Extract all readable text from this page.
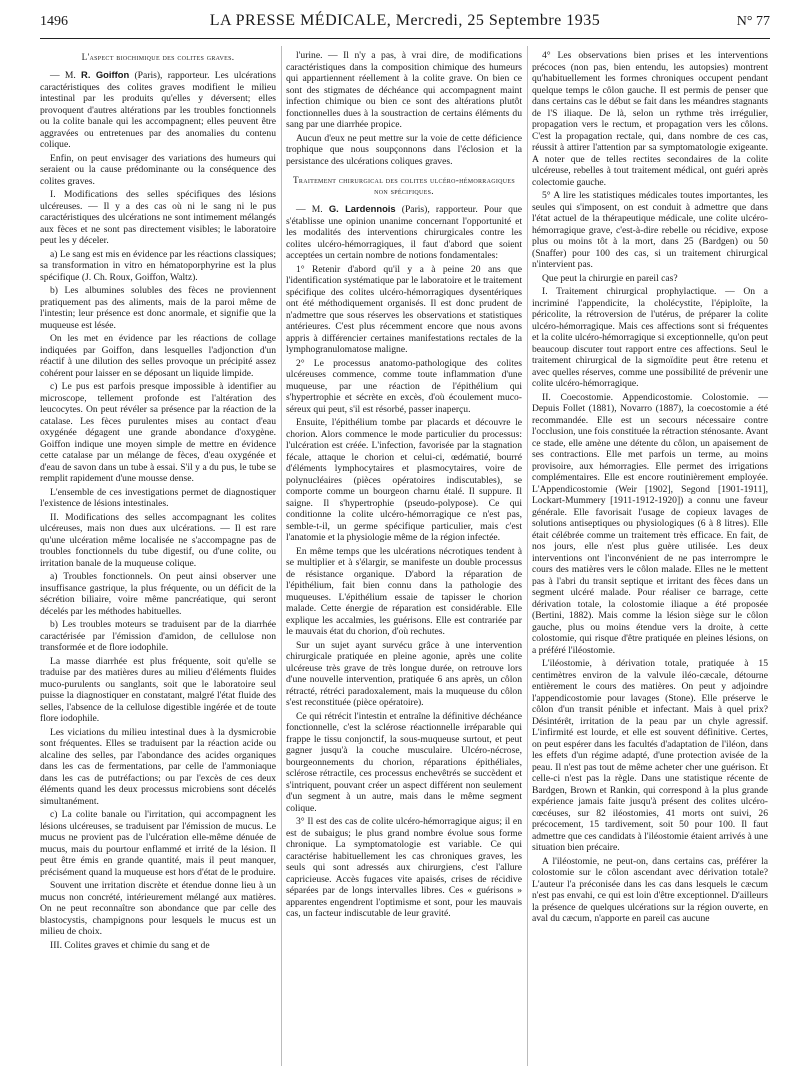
1496	LA PRESSE MÉDICALE, Mercredi, 25 Septembre 1935	N° 77
L'aspect biochimique des colites graves.

— M. R. Goiffon (Paris), rapporteur. Les ulcérations caractéristiques des colites graves modifient le milieu intestinal par les produits qu'elles y déversent; elles provoquent d'autres altérations par les troubles fonctionnels ou la colite banale qui les accompagnent; elles peuvent être aggravées ou entretenues par des anomalies du contenu colique.

Enfin, on peut envisager des variations des humeurs qui seraient ou la cause prédominante ou la conséquence des colites graves.

I. Modifications des selles spécifiques des lésions ulcéreuses. — Il y a des cas où ni le sang ni le pus caractéristiques des ulcérations ne sont intimement mélangés aux fèces et ne sont pas directement visibles; le laboratoire peut les y déceler.

a) Le sang est mis en évidence par les réactions classiques; sa transformation in vitro en hématoporphyrine est la plus spécifique (J. Ch. Roux, Goiffon, Waltz).

b) Les albumines solubles des fèces ne proviennent pratiquement pas des aliments, mais de la paroi même de l'intestin; leur présence est donc anormale, et signifie que la muqueuse est lésée.

On les met en évidence par les réactions de collage indiquées par Goiffon, dans lesquelles l'adjonction d'un réactif à une dilution des selles provoque un précipité assez cohérent pour laisser en se déposant un liquide limpide.

c) Le pus est parfois presque impossible à identifier au microscope, tellement profonde est l'altération des leucocytes. On peut révéler sa présence par la réaction de la catalase. Les fèces purulentes mises au contact d'eau oxygénée dégagent une grande abondance d'oxygène. Goiffon indique une moyen simple de mettre en évidence cette catalase par un mélange de fèces, d'eau oxygénée et d'eau de savon dans un tube à essai. S'il y a du pus, le tube se remplit rapidement d'une mousse dense.

L'ensemble de ces investigations permet de diagnostiquer l'existence de lésions intestinales.

II. Modifications des selles accompagnant les colites ulcéreuses, mais non dues aux ulcérations. — Il est rare qu'une ulcération même localisée ne s'accompagne pas de troubles fonctionnels du tube digestif, ou d'une colite, ou irritation banale de la muqueuse colique.

a) Troubles fonctionnels. On peut ainsi observer une insuffisance gastrique, la plus fréquente, ou un déficit de la sécrétion biliaire, voire même pancréatique, qui seront décelés par les méthodes habituelles.

b) Les troubles moteurs se traduisent par de la diarrhée caractérisée par l'émission d'amidon, de cellulose non transformée et de flore iodophile.

La masse diarrhée est plus fréquente, soit qu'elle se traduise par des matières dures au milieu d'éléments fluides muco-purulents ou sanglants, soit que le laboratoire seul puisse la diagnostiquer en constatant, malgré l'état fluide des selles, l'absence de la cellulose digestible ingérée et de toute flore iodophile.

Les viciations du milieu intestinal dues à la dysmicrobie sont fréquentes. Elles se traduisent par la réaction acide ou alcaline des selles, par l'abondance des acides organiques dans les cas de fermentations, par celle de l'ammoniaque dans les cas de putréfactions; ou par l'excès de ces deux éléments quand les deux processus microbiens sont décelés simultanément.

c) La colite banale ou l'irritation, qui accompagnent les lésions ulcéreuses, se traduisent par l'émission de mucus. Le mucus ne provient pas de l'ulcération elle-même dénuée de mucus, mais du pourtour enflammé et irrité de la lésion. Il peut être émis en grande quantité, mais il peut manquer, précisément quand la muqueuse est hors d'état de le produire.

Souvent une irritation discrète et étendue donne lieu à un mucus non concrété, intérieurement mélangé aux matières. On ne peut reconnaître son abondance que par celle des blastocystis, champignons pour lesquels le mucus est un milieu de choix.

III. Colites graves et chimie du sang et de

l'urine. — Il n'y a pas, à vrai dire, de modifications caractéristiques dans la composition chimique des humeurs qui appartiennent réellement à la colite grave. On bien ce sont des stigmates de déchéance qui accompagnent maint infection chimique ou bien ce sont des altérations plutôt fonctionnelles dues à la soustraction de certains éléments du sang par une diarrhée propice.

Aucun d'eux ne peut mettre sur la voie de cette déficience trophique que nous soupçonnons dans l'éclosion et la persistance des ulcérations coliques graves.

Traitement chirurgical des colites ulcéro-hémorragiques non spécifiques.

— M. G. Lardennois (Paris), rapporteur. Pour que s'établisse une opinion unanime concernant l'opportunité et les modalités des interventions chirurgicales contre les colites ulcéro-hémorragiques, il faut d'abord que soient acceptées un certain nombre de notions fondamentales:

1° Retenir d'abord qu'il y a à peine 20 ans que l'identification systématique par le laboratoire et le traitement spécifique des colites ulcéro-hémorragiques dysentériques ont été méthodiquement organisés. Il est donc prudent de n'admettre que sous réserves les observations et statistiques antérieures. C'est plus récemment encore que nous avons appris à différencier certaines manifestations rectales de la lymphogranulomatose maligne.

2° Le processus anatomo-pathologique des colites ulcéreuses commence, comme toute inflammation d'une muqueuse, par une réaction de l'épithélium qui s'hypertrophie et sécrète en excès, d'où écoulement muco-séreux qui peut, s'il est résorbé, passer inaperçu.

Ensuite, l'épithélium tombe par placards et découvre le chorion. Alors commence le mode particulier du processus: l'ulcération est créée. L'infection, favorisée par la stagnation fécale, attaque le chorion et celui-ci, œdématié, bourré d'éléments lymphocytaires et plasmocytaires, voire de polynucléaires (pièces opératoires indiscutables), se comporte comme un bourgeon charnu étalé. Il suppure. Il saigne. Il s'hypertrophie (pseudo-polypose). Ce qui conditionne la colite ulcéro-hémorragique ce n'est pas, semble-t-il, un germe spécifique particulier, mais c'est l'anatomie et la physiologie même de la région infectée.

En même temps que les ulcérations nécrotiques tendent à se multiplier et à s'élargir, se manifeste un double processus de résistance organique. D'abord la réparation de l'épithélium, fait bien connu dans la pathologie des muqueuses. L'épithélium essaie de tapisser le chorion malade. Cette énergie de réparation est considérable. Elle explique les accalmies, les guérisons. Elle est contrariée par le mauvais état du chorion, d'où rechutes.

Sur un sujet ayant survécu grâce à une intervention chirurgicale pratiquée en pleine agonie, après une colite ulcéreuse très grave de très longue durée, on retrouve lors d'une nouvelle intervention, pratiquée 6 ans après, un côlon rétracté, rétréci paradoxalement, mais la muqueuse du côlon s'est reconstituée (pièce opératoire).

Ce qui rétrécit l'intestin et entraîne la définitive déchéance fonctionnelle, c'est la sclérose réactionnelle irréparable qui frappe le tissu conjonctif, la sous-muqueuse surtout, et peut gagner jusqu'à la couche musculaire. Ulcéro-nécrose, bourgeonnements du chorion, réparations épithéliales, sclérose rétractile, ces processus enchevêtrés se succèdent et s'intriquent, pouvant créer un aspect différent non seulement d'un segment à un autre, mais dans le même segment colique.

3° Il est des cas de colite ulcéro-hémorragique aigus; il en est de subaigus; le plus grand nombre évolue sous forme chronique. La symptomatologie est variable. Ce qui caractérise habituellement les cas chroniques graves, les seuls qui sont adressés aux chirurgiens, c'est l'allure capricieuse. Accès fugaces vite apaisés, crises de récidive séparées par de longs intervalles libres. Ces « guérisons » apparentes engendrent l'optimisme et sont, pour les mauvais cas, un facteur indiscutable de leur gravité.

4° Les observations bien prises et les interventions précoces (non pas, bien entendu, les autopsies) montrent qu'habituellement les formes chroniques occupent pendant quelque temps le côlon gauche. Il est permis de penser que dans certains cas le début se fait dans les méandres stagnants de l'S iliaque. De là, selon un rythme très irrégulier, propagation vers le rectum, et propagation vers les côlons. C'est la propagation rectale, qui, dans nombre de ces cas, réussit à attirer l'attention par sa symptomatologie exigeante. A noter que de telles rectites secondaires de la colite ulcéreuse, rebelles à tout traitement médical, ont guéri après colectomie gauche.

5° A lire les statistiques médicales toutes importantes, les seules qui s'imposent, on est conduit à admettre que dans l'état actuel de la thérapeutique médicale, une colite ulcéro-hémorragique grave, c'est-à-dire rebelle ou récidive, expose plus ou moins tôt à la mort, dans 25 (Bardgen) ou 50 (Snaffer) pour 100 des cas, si un traitement chirurgical n'intervient pas.

Que peut la chirurgie en pareil cas?

I. Traitement chirurgical prophylactique. — On a incriminé l'appendicite, la cholécystite, l'épiploïte, la péricolite, la rétroversion de l'utérus, de préparer la colite ulcéro-hémorragique. Mais ces affections sont si fréquentes et la colite ulcéro-hémorragique si exceptionnelle, qu'on peut beaucoup discuter tout rapport entre ces affections. Seul le traitement chirurgical de la sigmoïdite peut être retenu et avec quelles réserves, comme une possibilité de prévenir une colite ulcéro-hémorragique.

II. Coecostomie. Appendicostomie. Colostomie. — Depuis Follet (1881), Novarro (1887), la coecostomie a été recommandée. Elle est un secours nécessaire contre l'occlusion, une fois constituée la rétraction sténosante. Avant ce stade, elle amène une détente du côlon, un apaisement de ses contractions. Elle met parfois un terme, au moins provisoire, aux hémorragies. Elle permet des irrigations complémentaires. Elle est encore routinièrement employée. L'Appendicostomie (Weir [1902], Segond [1901-1911], Lockart-Mummery [1911-1912-1920]) a connu une faveur générale. Elle favorisait l'usage de copieux lavages de solutions antiseptiques ou physiologiques (6 à 8 litres). Elle était célébrée comme un traitement très efficace. En fait, de nos jours, elle n'est plus guère utilisée. Les deux interventions ont l'inconvénient de ne pas interrompre le cours des matières vers le côlon malade. Elles ne le mettent pas à l'abri du transit septique et irritant des fèces dans un segment ulcéré malade. Pour réaliser ce barrage, cette dérivation totale, la colostomie iliaque a été proposée (Bertini, 1882). Mais comme la lésion siège sur le côlon gauche, plus ou moins étendue vers la droite, à cette colostomie, qui risque d'être pratiquée en pleines lésions, on a préféré l'iléostomie.

L'iléostomie, à dérivation totale, pratiquée à 15 centimètres environ de la valvule iléo-cæcale, détourne entièrement le cours des matières. On peut y adjoindre l'appendicostomie pour lavages (Stone). Elle préserve le côlon d'un transit pénible et infectant. Mais à quel prix? Désintérêt, irritation de la peau par un chyle agressif. L'infirmité est lourde, et elle est souvent définitive. Certes, on peut espérer dans les facultés d'adaptation de l'iléon, dans les effets d'un régime adapté, d'une protection avisée de la peau. Il n'est pas tout de même acheter cher une guérison. Et celle-ci n'est pas la règle. Dans une statistique récente de Bardgen, Brown et Rankin, qui correspond à la plus grande expérience jamais faite jusqu'à présent des colites ulcéro-cœcéuses, sur 82 iléostomies, 41 morts ont suivi, 26 précocement, 15 tardivement, soit 50 pour 100. Il faut admettre que ces candidats à l'iléostomie étaient arrivés à une situation bien précaire.

A l'iléostomie, ne peut-on, dans certains cas, préférer la colostomie sur le côlon ascendant avec dérivation totale? L'auteur l'a préconisée dans les cas dans lesquels le cæcum n'est pas envahi, ce qui est loin d'être exceptionnel. D'ailleurs la présence de quelques ulcérations sur la région ouverte, en aval du cæcum, n'apporte en pareil cas aucune
